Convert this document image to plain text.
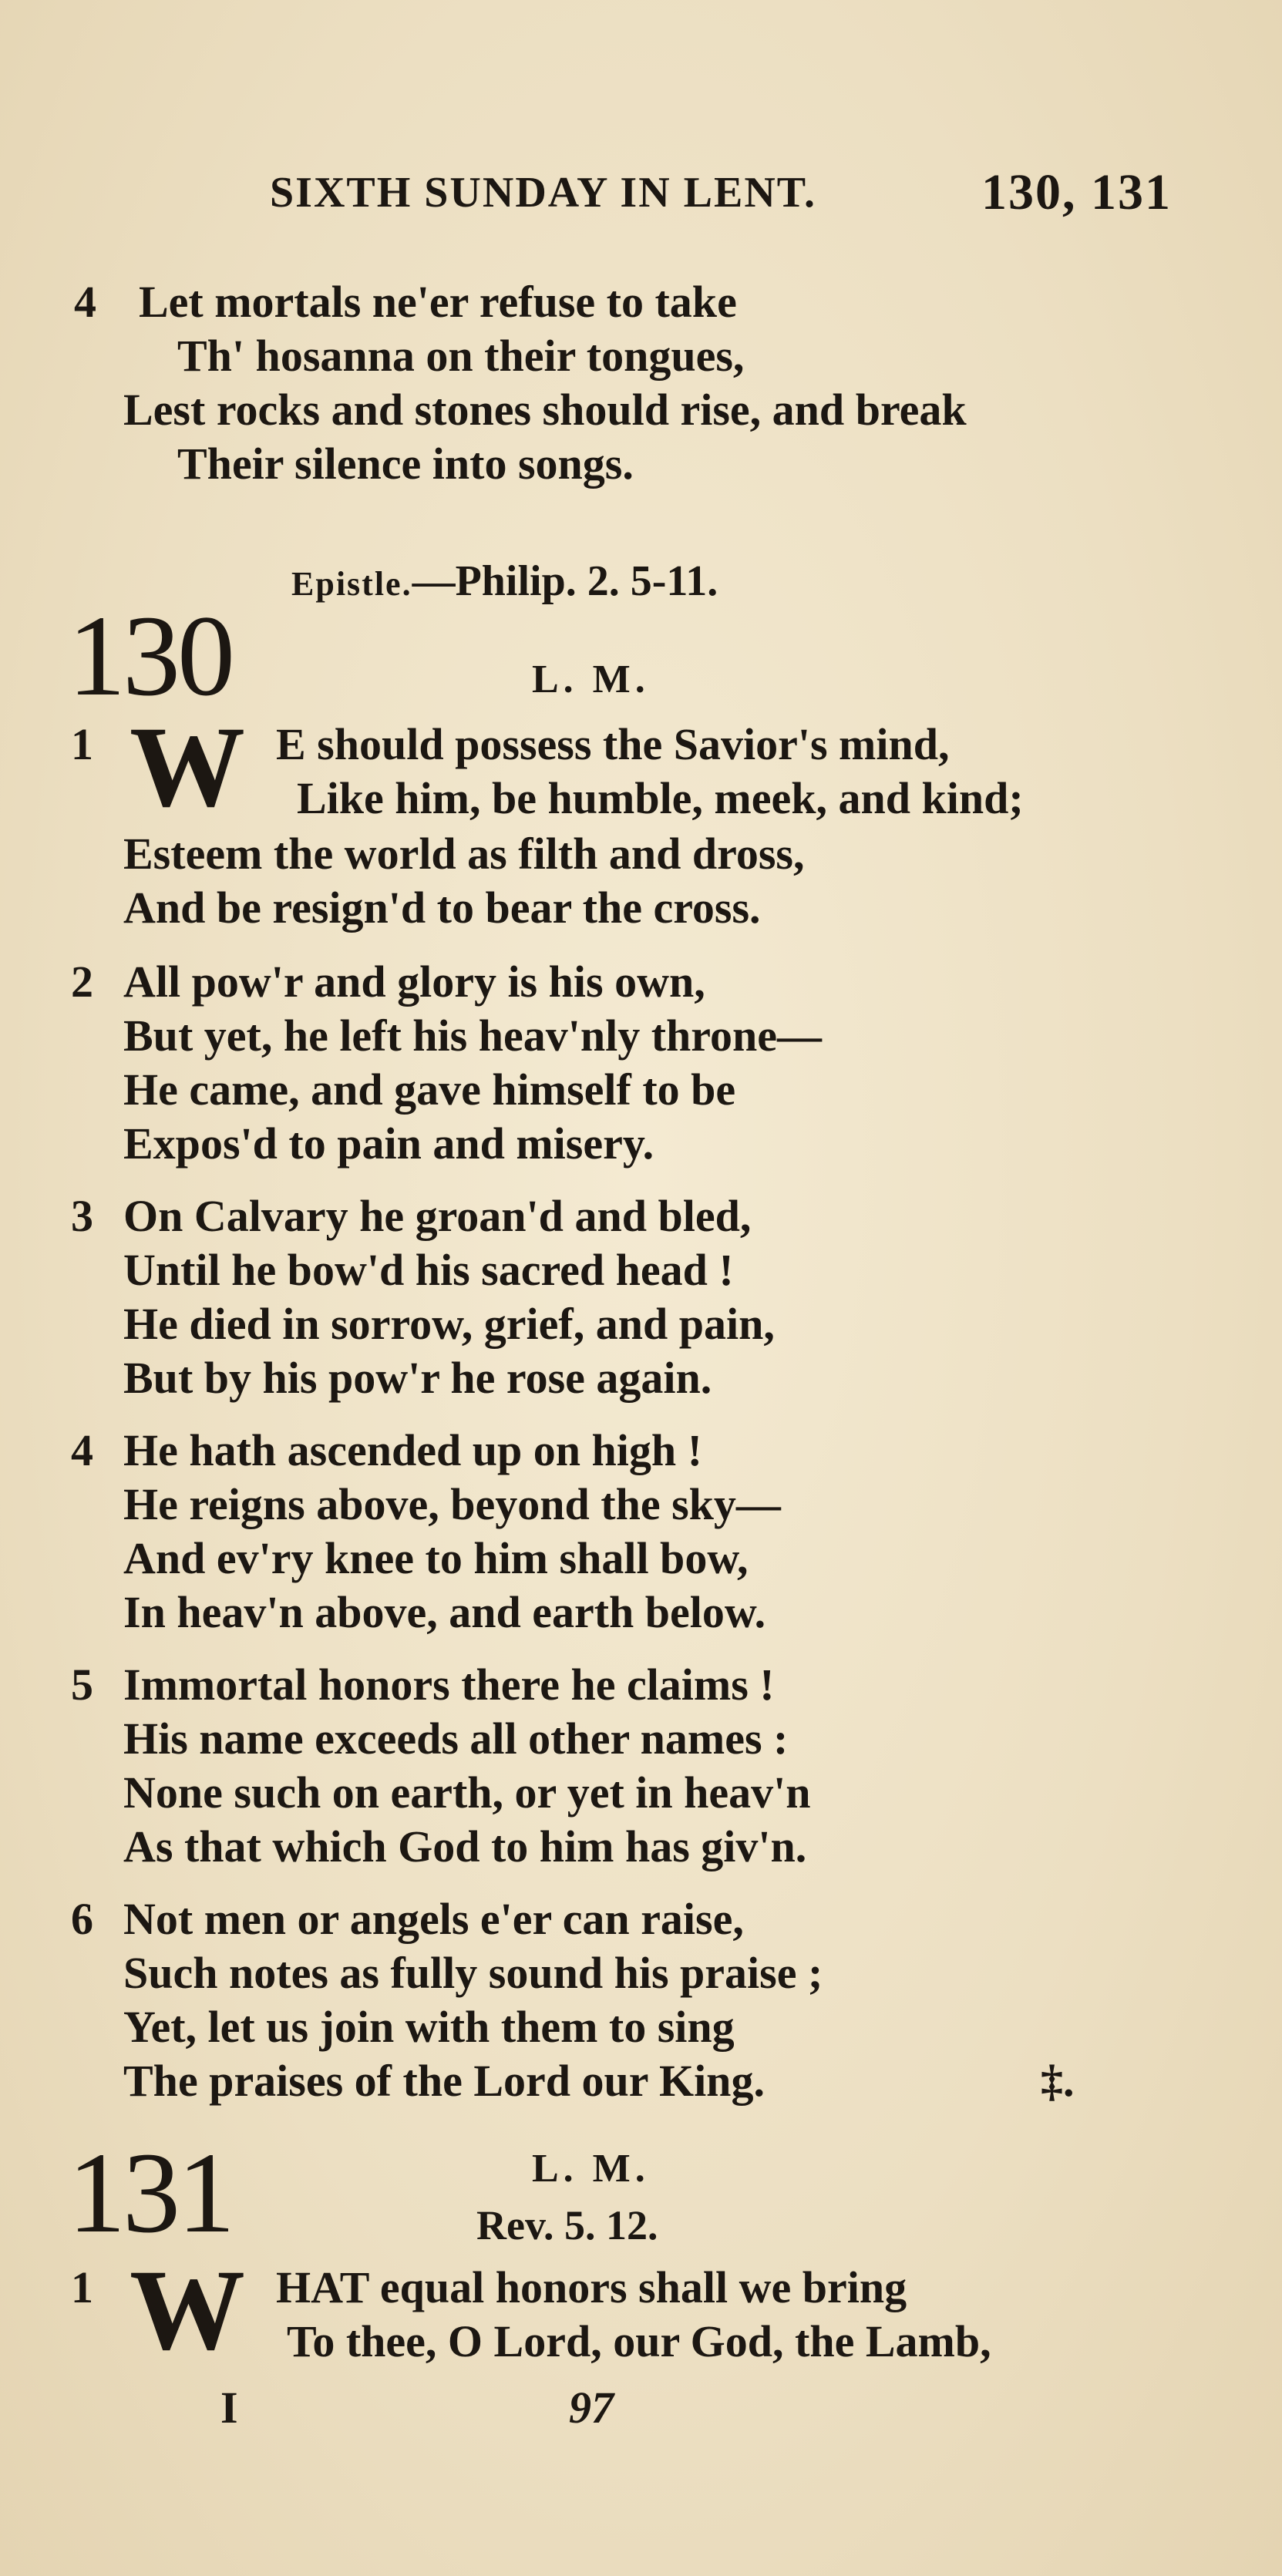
SIXTH SUNDAY IN LENT.	130, 131
4 Let mortals ne'er refuse to take
Th' hosanna on their tongues,
Lest rocks and stones should rise, and break
Their silence into songs.
Epistle.—Philip. 2. 5-11.
130	L. M.
1 W E should possess the Savior's mind,
Like him, be humble, meek, and kind;
Esteem the world as filth and dross,
And be resign'd to bear the cross.
2 All pow'r and glory is his own,
But yet, he left his heav'nly throne—
He came, and gave himself to be
Expos'd to pain and misery.
3 On Calvary he groan'd and bled,
Until he bow'd his sacred head !
He died in sorrow, grief, and pain,
But by his pow'r he rose again.
4 He hath ascended up on high !
He reigns above, beyond the sky—
And ev'ry knee to him shall bow,
In heav'n above, and earth below.
5 Immortal honors there he claims !
His name exceeds all other names :
None such on earth, or yet in heav'n
As that which God to him has giv'n.
6 Not men or angels e'er can raise,
Such notes as fully sound his praise ;
Yet, let us join with them to sing
The praises of the Lord our King.	‡.
131	L. M.
Rev. 5. 12.
1 W HAT equal honors shall we bring
To thee, O Lord, our God, the Lamb,
I	97
